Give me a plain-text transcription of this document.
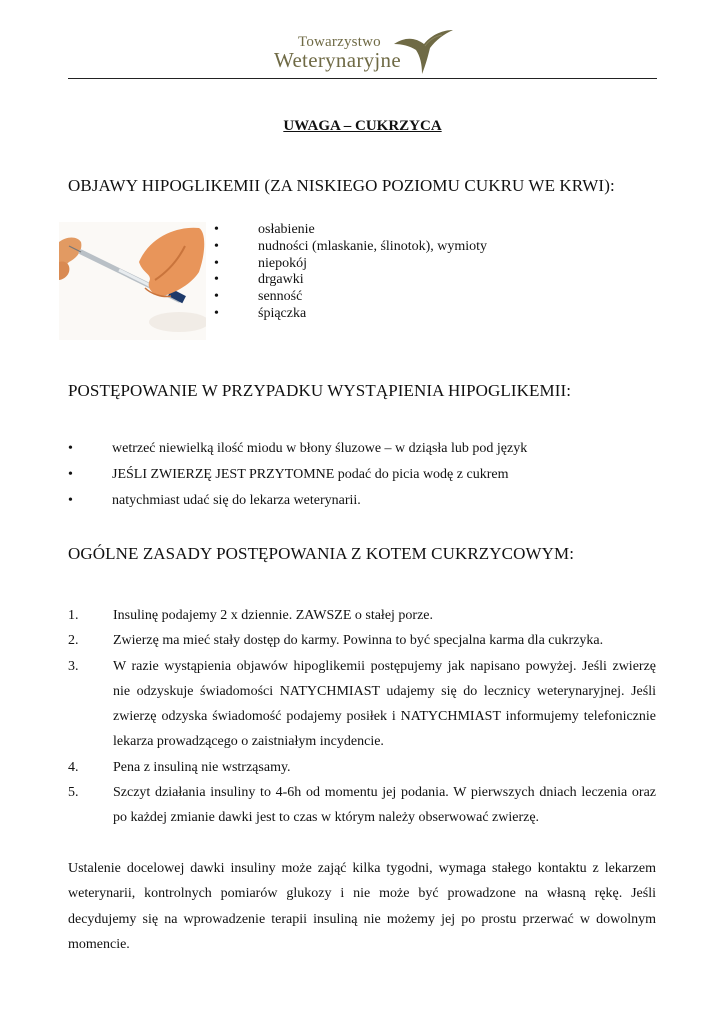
Towarzystwo
Weterynaryjne
UWAGA – CUKRZYCA
OBJAWY HIPOGLIKEMII (ZA NISKIEGO POZIOMU CUKRU WE KRWI):
•	osłabienie
•	nudności (mlaskanie, ślinotok), wymioty
•	niepokój
•	drgawki
•	senność
•	śpiączka
POSTĘPOWANIE W PRZYPADKU WYSTĄPIENIA HIPOGLIKEMII:
•	wetrzeć niewielką ilość miodu w błony śluzowe – w dziąsła lub pod język
•	JEŚLI ZWIERZĘ JEST PRZYTOMNE podać do picia wodę z cukrem
•	natychmiast udać się do lekarza weterynarii.
OGÓLNE ZASADY POSTĘPOWANIA Z KOTEM CUKRZYCOWYM:
1. Insulinę podajemy 2 x dziennie. ZAWSZE o stałej porze.
2. Zwierzę ma mieć stały dostęp do karmy. Powinna to być specjalna karma dla cukrzyka.
3. W razie wystąpienia objawów hipoglikemii postępujemy jak napisano powyżej. Jeśli zwierzę nie odzyskuje świadomości NATYCHMIAST udajemy się do lecznicy weterynaryjnej. Jeśli zwierzę odzyska świadomość podajemy posiłek i NATYCHMIAST informujemy telefonicznie lekarza prowadzącego o zaistniałym incydencie.
4. Pena z insuliną nie wstrząsamy.
5. Szczyt działania insuliny to 4-6h od momentu jej podania. W pierwszych dniach leczenia oraz po każdej zmianie dawki jest to czas w którym należy obserwować zwierzę.

Ustalenie docelowej dawki insuliny może zająć kilka tygodni, wymaga stałego kontaktu z lekarzem weterynarii, kontrolnych pomiarów glukozy i nie może być prowadzone na własną rękę. Jeśli decydujemy się na wprowadzenie terapii insuliną nie możemy jej po prostu przerwać w dowolnym momencie.
